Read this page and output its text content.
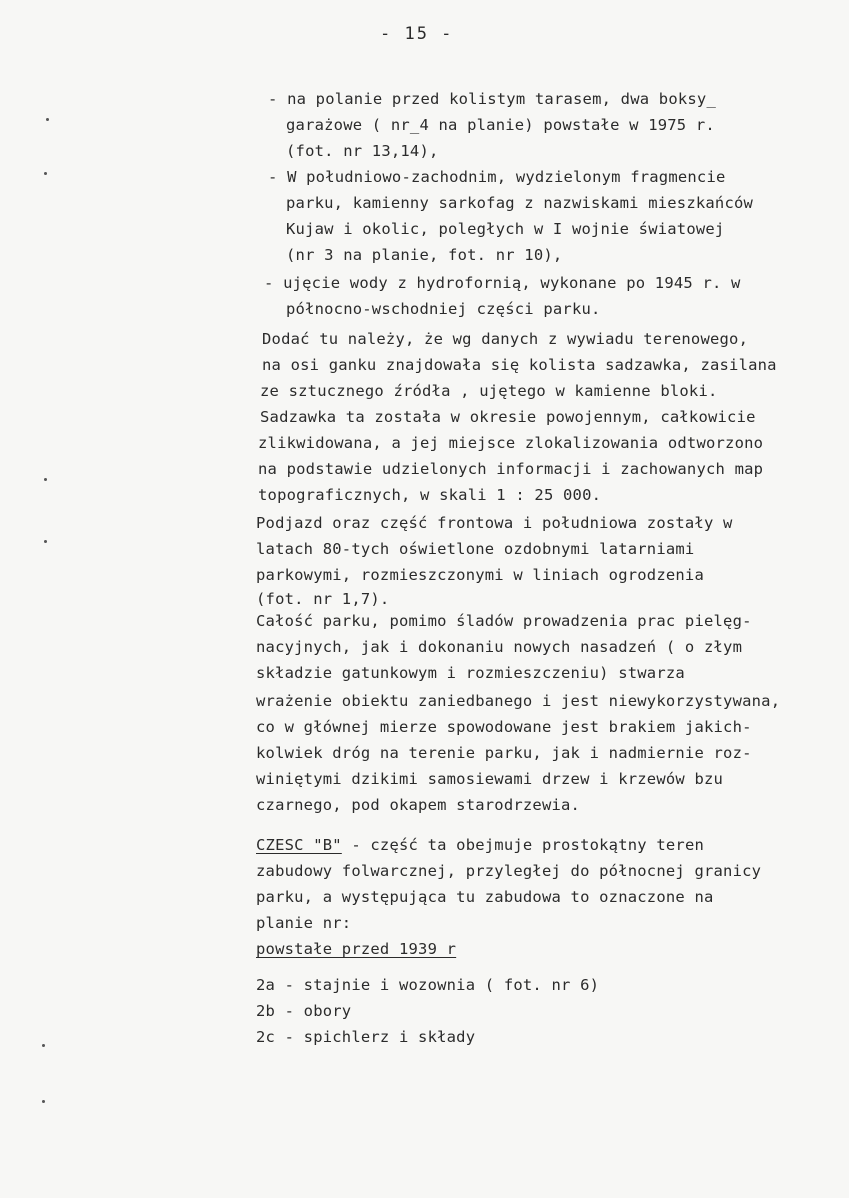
- 15 -
- na polanie przed kolistym tarasem, dwa boksy_
garażowe ( nr_4 na planie) powstałe w 1975 r.
(fot. nr 13,14),
- W południowo-zachodnim, wydzielonym fragmencie
parku, kamienny sarkofag z nazwiskami mieszkańców
Kujaw i okolic, poległych w I wojnie światowej
(nr 3 na planie, fot. nr 10),
- ujęcie wody z hydrofornią, wykonane po 1945 r. w
północno-wschodniej części parku.
Dodać tu należy, że wg danych z wywiadu terenowego,
na osi ganku znajdowała się kolista sadzawka, zasilana
ze sztucznego źródła , ujętego w kamienne bloki.
Sadzawka ta została w okresie powojennym, całkowicie
zlikwidowana, a jej miejsce zlokalizowania odtworzono
na podstawie udzielonych informacji i zachowanych map
topograficznych, w skali 1 : 25 000.
Podjazd oraz część frontowa i południowa zostały w
latach 80-tych oświetlone ozdobnymi latarniami
parkowymi, rozmieszczonymi w liniach ogrodzenia
(fot. nr 1,7).
Całość parku, pomimo śladów prowadzenia prac pielęg-
nacyjnych, jak i dokonaniu nowych nasadzeń ( o złym
składzie gatunkowym i rozmieszczeniu) stwarza
wrażenie obiektu zaniedbanego i jest niewykorzystywana,
co w głównej mierze spowodowane jest brakiem jakich-
kolwiek dróg na terenie parku, jak i nadmiernie roz-
winiętymi dzikimi samosiewami drzew i krzewów bzu
czarnego, pod okapem starodrzewia.
CZESC "B" - część ta obejmuje prostokątny teren
zabudowy folwarcznej, przyległej do północnej granicy
parku, a występująca tu zabudowa to oznaczone na
planie nr:
powstałe przed 1939 r
2a - stajnie i wozownia ( fot. nr 6)
2b - obory
2c - spichlerz i składy
